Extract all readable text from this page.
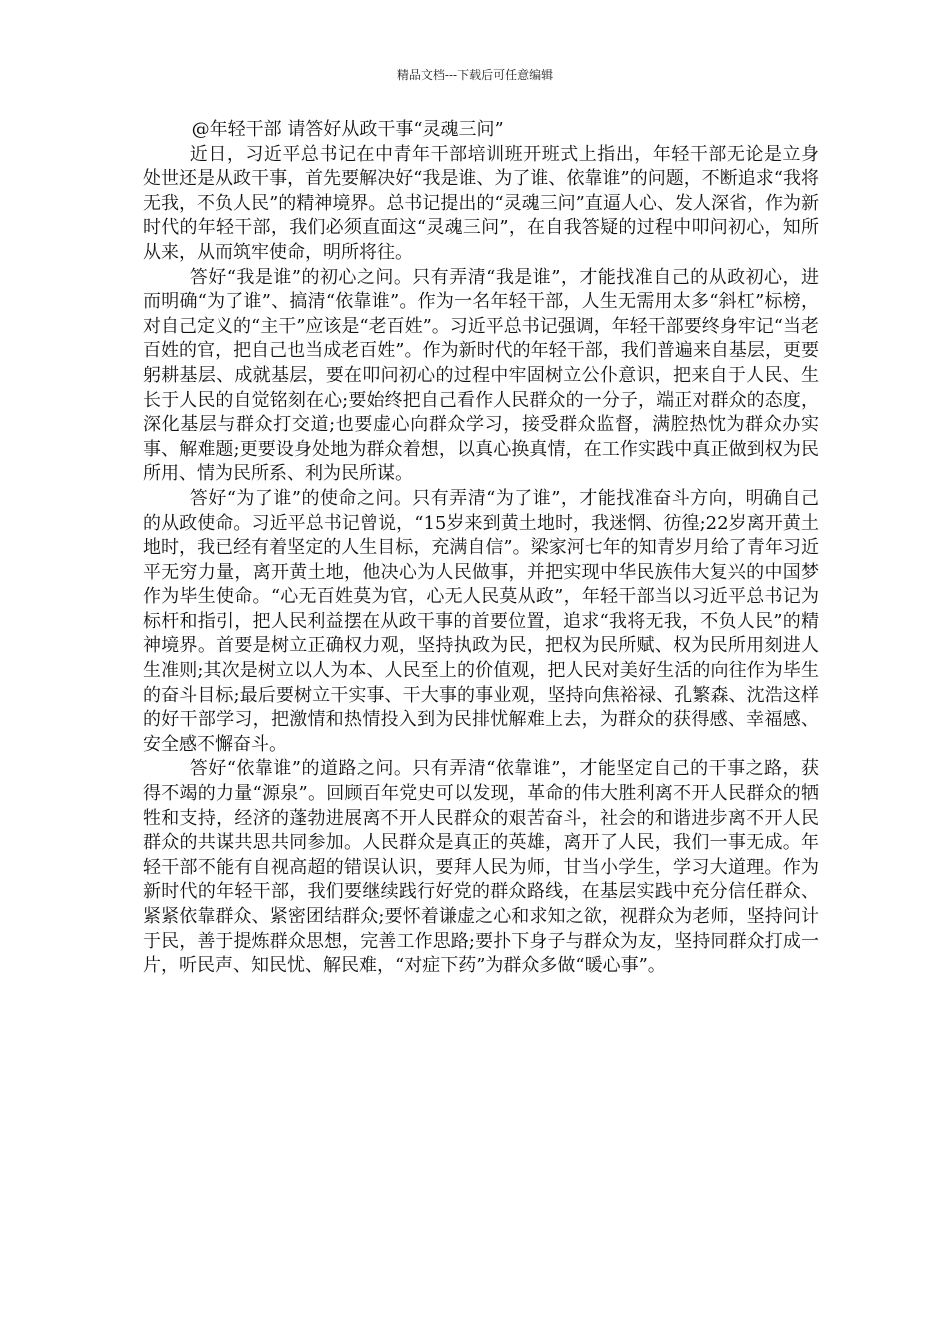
精品文档---下载后可任意编辑

@年轻干部 请答好从政干事“灵魂三问”

近日，习近平总书记在中青年干部培训班开班式上指出，年轻干部无论是立身处世还是从政干事，首先要解决好“我是谁、为了谁、依靠谁”的问题，不断追求“我将无我，不负人民”的精神境界。总书记提出的“灵魂三问”直逼人心、发人深省，作为新时代的年轻干部，我们必须直面这“灵魂三问”，在自我答疑的过程中叩问初心，知所从来，从而筑牢使命，明所将往。

答好“我是谁”的初心之问。只有弄清“我是谁”，才能找准自己的从政初心，进而明确“为了谁”、搞清“依靠谁”。作为一名年轻干部，人生无需用太多“斜杠”标榜，对自己定义的“主干”应该是“老百姓”。习近平总书记强调，年轻干部要终身牢记“当老百姓的官，把自己也当成老百姓”。作为新时代的年轻干部，我们普遍来自基层，更要躬耕基层、成就基层，要在叩问初心的过程中牢固树立公仆意识，把来自于人民、生长于人民的自觉铭刻在心;要始终把自己看作人民群众的一分子，端正对群众的态度，深化基层与群众打交道;也要虚心向群众学习，接受群众监督，满腔热忱为群众办实事、解难题;更要设身处地为群众着想，以真心换真情，在工作实践中真正做到权为民所用、情为民所系、利为民所谋。

答好“为了谁”的使命之问。只有弄清“为了谁”，才能找准奋斗方向，明确自己的从政使命。习近平总书记曾说，“15岁来到黄土地时，我迷惘、彷徨;22岁离开黄土地时，我已经有着坚定的人生目标，充满自信”。梁家河七年的知青岁月给了青年习近平无穷力量，离开黄土地，他决心为人民做事，并把实现中华民族伟大复兴的中国梦作为毕生使命。“心无百姓莫为官，心无人民莫从政”，年轻干部当以习近平总书记为标杆和指引，把人民利益摆在从政干事的首要位置，追求“我将无我，不负人民”的精神境界。首要是树立正确权力观，坚持执政为民，把权为民所赋、权为民所用刻进人生准则;其次是树立以人为本、人民至上的价值观，把人民对美好生活的向往作为毕生的奋斗目标;最后要树立干实事、干大事的事业观，坚持向焦裕禄、孔繁森、沈浩这样的好干部学习，把激情和热情投入到为民排忧解难上去，为群众的获得感、幸福感、安全感不懈奋斗。

答好“依靠谁”的道路之问。只有弄清“依靠谁”，才能坚定自己的干事之路，获得不竭的力量“源泉”。回顾百年党史可以发现，革命的伟大胜利离不开人民群众的牺牲和支持，经济的蓬勃进展离不开人民群众的艰苦奋斗，社会的和谐进步离不开人民群众的共谋共思共同参加。人民群众是真正的英雄，离开了人民，我们一事无成。年轻干部不能有自视高超的错误认识，要拜人民为师，甘当小学生，学习大道理。作为新时代的年轻干部，我们要继续践行好党的群众路线，在基层实践中充分信任群众、紧紧依靠群众、紧密团结群众;要怀着谦虚之心和求知之欲，视群众为老师，坚持问计于民，善于提炼群众思想，完善工作思路;要扑下身子与群众为友，坚持同群众打成一片，听民声、知民忧、解民难，“对症下药”为群众多做“暖心事”。
